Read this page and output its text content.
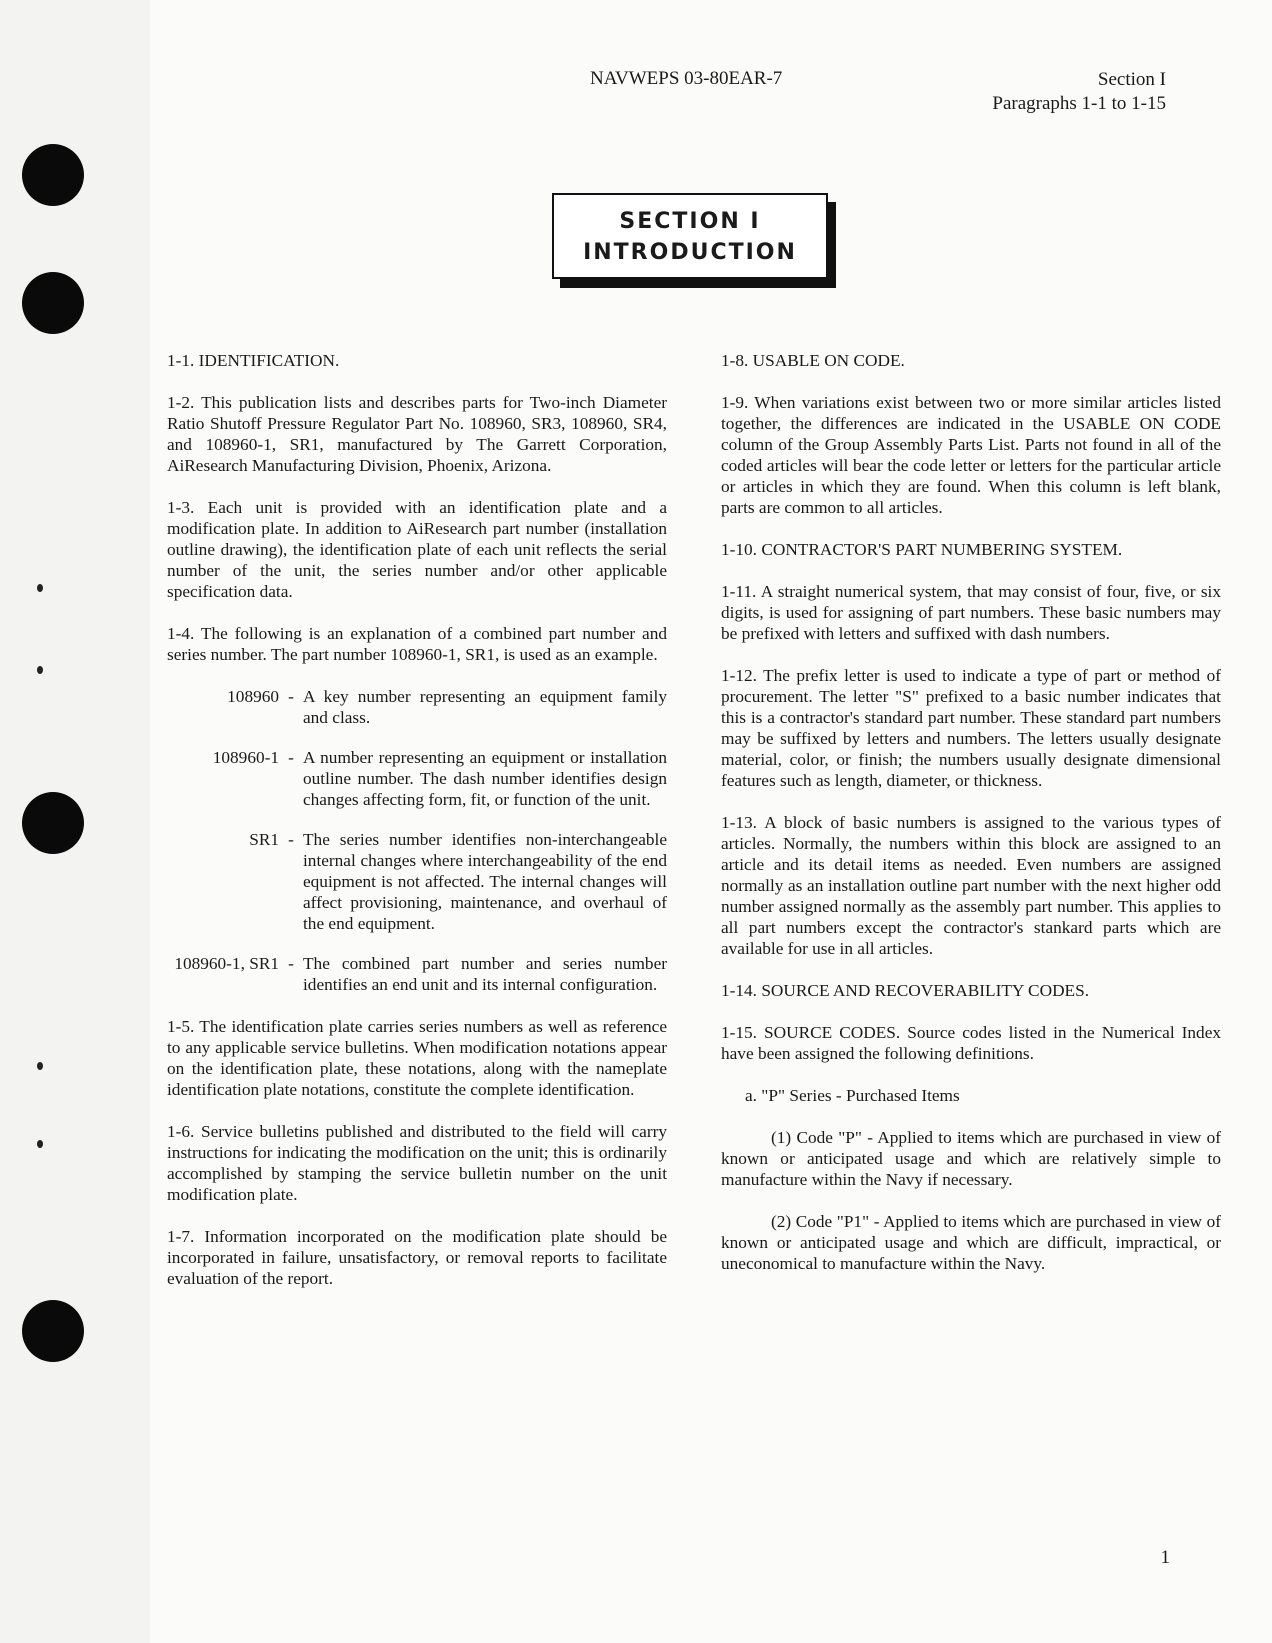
NAVWEPS 03-80EAR-7	Section I
Paragraphs 1-1 to 1-15
SECTION I
INTRODUCTION

1-1. IDENTIFICATION.

1-2. This publication lists and describes parts for Two-inch Diameter Ratio Shutoff Pressure Regulator Part No. 108960, SR3, 108960, SR4, and 108960-1, SR1, manufactured by The Garrett Corporation, AiResearch Manufacturing Division, Phoenix, Arizona.

1-3. Each unit is provided with an identification plate and a modification plate. In addition to AiResearch part number (installation outline drawing), the identification plate of each unit reflects the serial number of the unit, the series number and/or other applicable specification data.

1-4. The following is an explanation of a combined part number and series number. The part number 108960-1, SR1, is used as an example.

108960 - A key number representing an equipment family and class.
108960-1 - A number representing an equipment or installation outline number. The dash number identifies design changes affecting form, fit, or function of the unit.
SR1 - The series number identifies non-interchangeable internal changes where interchangeability of the end equipment is not affected. The internal changes will affect provisioning, maintenance, and overhaul of the end equipment.
108960-1, SR1 - The combined part number and series number identifies an end unit and its internal configuration.

1-5. The identification plate carries series numbers as well as reference to any applicable service bulletins. When modification notations appear on the identification plate, these notations, along with the nameplate identification plate notations, constitute the complete identification.

1-6. Service bulletins published and distributed to the field will carry instructions for indicating the modification on the unit; this is ordinarily accomplished by stamping the service bulletin number on the unit modification plate.

1-7. Information incorporated on the modification plate should be incorporated in failure, unsatisfactory, or removal reports to facilitate evaluation of the report.

1-8. USABLE ON CODE.

1-9. When variations exist between two or more similar articles listed together, the differences are indicated in the USABLE ON CODE column of the Group Assembly Parts List. Parts not found in all of the coded articles will bear the code letter or letters for the particular article or articles in which they are found. When this column is left blank, parts are common to all articles.

1-10. CONTRACTOR'S PART NUMBERING SYSTEM.

1-11. A straight numerical system, that may consist of four, five, or six digits, is used for assigning of part numbers. These basic numbers may be prefixed with letters and suffixed with dash numbers.

1-12. The prefix letter is used to indicate a type of part or method of procurement. The letter "S" prefixed to a basic number indicates that this is a contractor's standard part number. These standard part numbers may be suffixed by letters and numbers. The letters usually designate material, color, or finish; the numbers usually designate dimensional features such as length, diameter, or thickness.

1-13. A block of basic numbers is assigned to the various types of articles. Normally, the numbers within this block are assigned to an article and its detail items as needed. Even numbers are assigned normally as an installation outline part number with the next higher odd number assigned normally as the assembly part number. This applies to all part numbers except the contractor's stankard parts which are available for use in all articles.

1-14. SOURCE AND RECOVERABILITY CODES.

1-15. SOURCE CODES. Source codes listed in the Numerical Index have been assigned the following definitions.

a. "P" Series - Purchased Items

(1) Code "P" - Applied to items which are purchased in view of known or anticipated usage and which are relatively simple to manufacture within the Navy if necessary.

(2) Code "P1" - Applied to items which are purchased in view of known or anticipated usage and which are difficult, impractical, or uneconomical to manufacture within the Navy.

1
